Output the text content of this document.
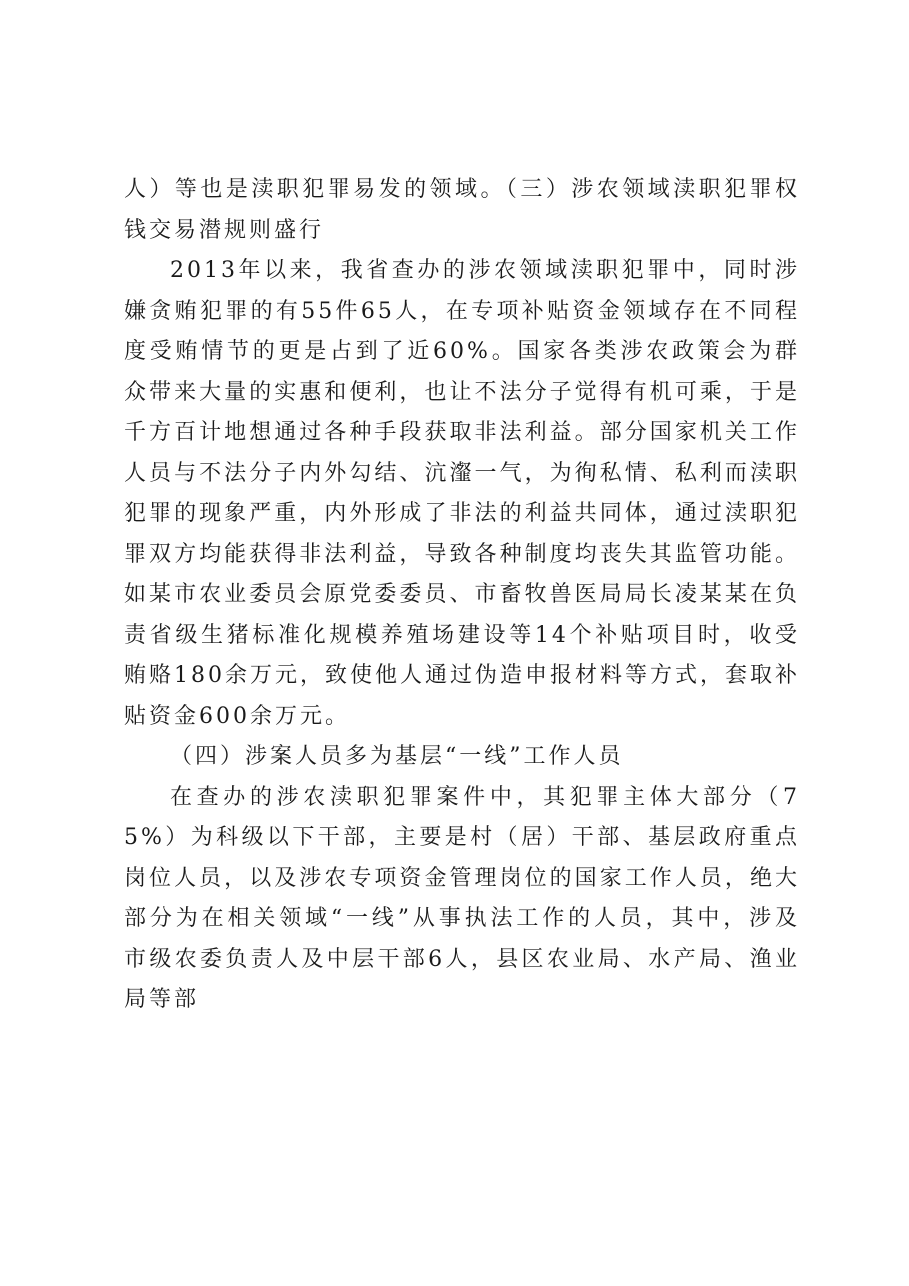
人）等也是渎职犯罪易发的领域。（三）涉农领域渎职犯罪权钱交易潜规则盛行

2013年以来，我省查办的涉农领域渎职犯罪中，同时涉嫌贪贿犯罪的有55件65人，在专项补贴资金领域存在不同程度受贿情节的更是占到了近60%。国家各类涉农政策会为群众带来大量的实惠和便利，也让不法分子觉得有机可乘，于是千方百计地想通过各种手段获取非法利益。部分国家机关工作人员与不法分子内外勾结、沆瀣一气，为徇私情、私利而渎职犯罪的现象严重，内外形成了非法的利益共同体，通过渎职犯罪双方均能获得非法利益，导致各种制度均丧失其监管功能。如某市农业委员会原党委委员、市畜牧兽医局局长凌某某在负责省级生猪标准化规模养殖场建设等14个补贴项目时，收受贿赂180余万元，致使他人通过伪造申报材料等方式，套取补贴资金600余万元。

（四）涉案人员多为基层“一线”工作人员

在查办的涉农渎职犯罪案件中，其犯罪主体大部分（75%）为科级以下干部，主要是村（居）干部、基层政府重点岗位人员，以及涉农专项资金管理岗位的国家工作人员，绝大部分为在相关领域“一线”从事执法工作的人员，其中，涉及市级农委负责人及中层干部6人，县区农业局、水产局、渔业局等部
